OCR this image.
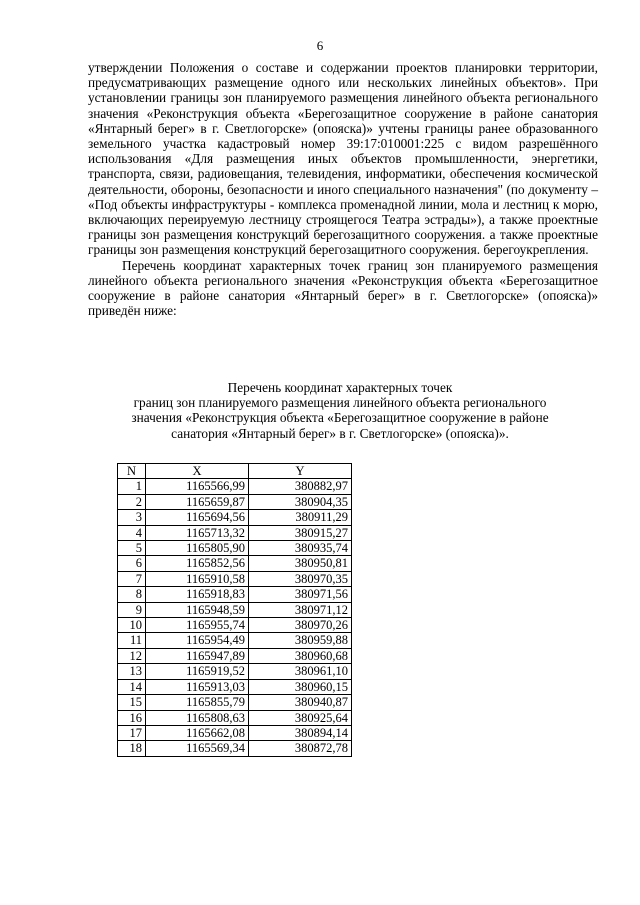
6

утверждении Положения о составе и содержании проектов планировки территории, предусматривающих размещение одного или нескольких линейных объектов». При установлении границы зон планируемого размещения линейного объекта регионального значения «Реконструкция объекта «Берегозащитное сооружение в районе санатория «Янтарный берег» в г. Светлогорске» (опояска)» учтены границы ранее образованного земельного участка кадастровый номер 39:17:010001:225 с видом разрешённого использования «Для размещения иных объектов промышленности, энергетики, транспорта, связи, радиовещания, телевидения, информатики, обеспечения космической деятельности, обороны, безопасности и иного специального назначения" (по документу – «Под объекты инфраструктуры - комплекса променадной линии, мола и лестниц к морю, включающих переируемую лестницу строящегося Театра эстрады»), а также проектные границы зон размещения конструкций берегозащитного сооружения. а также проектные границы зон размещения конструкций берегозащитного сооружения. берегоукрепления.

Перечень координат характерных точек границ зон планируемого размещения линейного объекта регионального значения «Реконструкция объекта «Берегозащитное сооружение в районе санатория «Янтарный берег» в г. Светлогорске» (опояска)» приведён ниже:

Перечень координат характерных точек
границ зон планируемого размещения линейного объекта регионального
значения «Реконструкция объекта «Берегозащитное сооружение в районе
санатория «Янтарный берег» в г. Светлогорске» (опояска)».
N	X	Y
1	1165566,99	380882,97
2	1165659,87	380904,35
3	1165694,56	380911,29
4	1165713,32	380915,27
5	1165805,90	380935,74
6	1165852,56	380950,81
7	1165910,58	380970,35
8	1165918,83	380971,56
9	1165948,59	380971,12
10	1165955,74	380970,26
11	1165954,49	380959,88
12	1165947,89	380960,68
13	1165919,52	380961,10
14	1165913,03	380960,15
15	1165855,79	380940,87
16	1165808,63	380925,64
17	1165662,08	380894,14
18	1165569,34	380872,78
